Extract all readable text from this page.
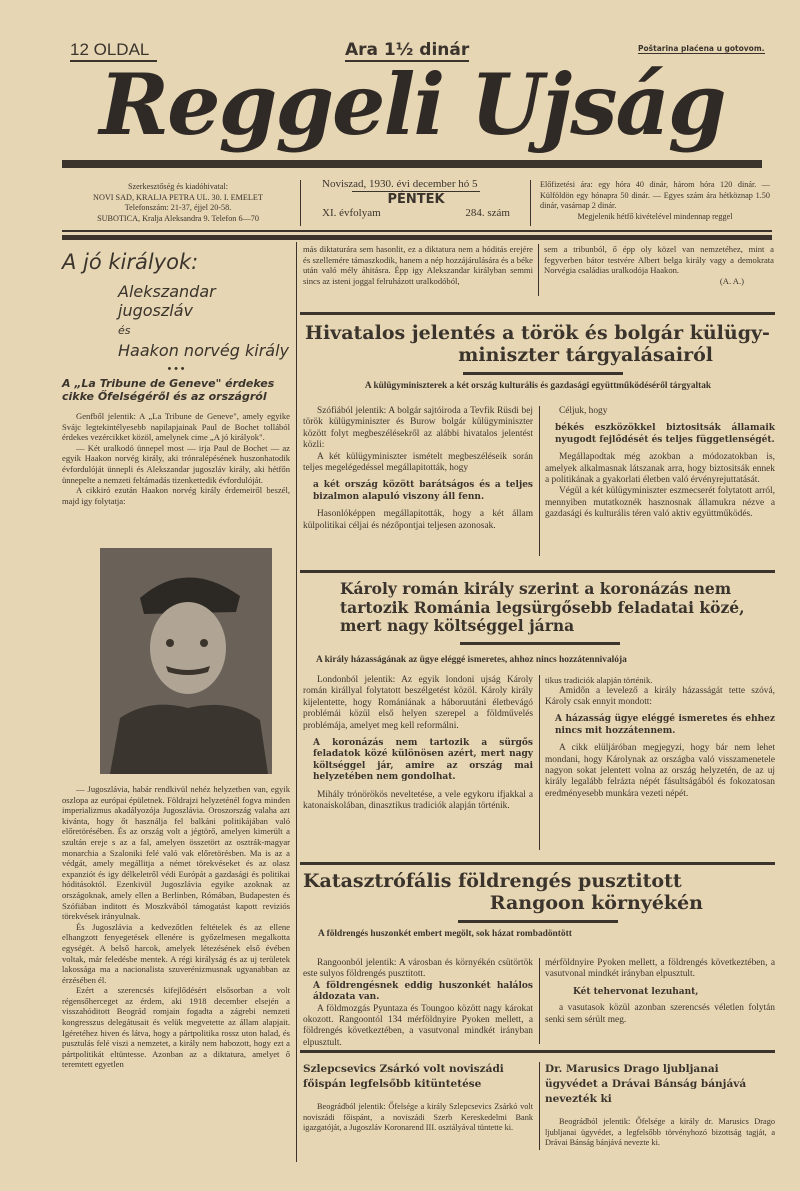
12 OLDAL	Ara 1½ dinár	Poštarina plaćena u gotovom.
Reggeli Ujság
Szerkesztőség és kiadóhivatal:
NOVI SAD, KRALJA PETRA UL. 30. I. EMELET
Telefonszám: 21-37, éjjel 20-58.
SUBOTICA, Kralja Aleksandra 9. Telefon 6—70
Noviszad, 1930. évi december hó 5
PÉNTEK
XI. évfolyam	284. szám
Előfizetési ára: egy hóra 40 dinár, három hóra 120 dinár. — Külföldön egy hónapra 50 dinár. — Egyes szám ára hétköznap 1.50 dinár, vasárnap 2 dinár.
Megjelenik hétfő kivételével mindennap reggel
A jó királyok:
Alekszandar jugoszláv
és
Haakon norvég király
• • •
A „La Tribune de Geneve" érdekes cikke Őfelségéről és az országról

Genfből jelentik: A „La Tribune de Geneve", amely egyike Svájc legtekintélyesebb napilapjainak Paul de Bochet tollából érdekes vezércikket közöl, amelynek cime „A jó királyok".

— Két uralkodó ünnepel most — irja Paul de Bochet — az egyik Haakon norvég király, aki trónralépésének huszonhatodik évfordulóját ünnepli és Alekszandar jugoszláv király, aki hétfőn ünnepelte a nemzeti feltámadás tizenkettedik évfordulóját.

A cikkiró ezután Haakon norvég király érdemeiről beszél, majd igy folytatja:

— Jugoszlávia, habár rendkivül nehéz helyzetben van, egyik oszlopa az európai épületnek. Földrajzi helyzeténél fogva minden imperializmus akadályozója Jugoszlávia. Oroszország valaha azt kivánta, hogy őt használja fel balkáni politikájában való előretörésében. És az ország volt a jégtörő, amelyen kimerült a szultán ereje s az a fal, amelyen összetört az osztrák-magyar monarchia a Szaloniki felé való vak előretörésben. Ma is az a védgát, amely megállitja a német törekvéseket és az olasz expanziót és igy délkeletről védi Európát a gazdasági és politikai hóditásoktól. Ezenkivül Jugoszlávia egyike azoknak az országoknak, amely ellen a Berlinben, Rómában, Budapesten és Szófiában inditott és Moszkvából támogatást kapott reviziós törekvések irányulnak.

És Jugoszlávia a kedvezőtlen feltételek és az ellene elhangzott fenyegetések ellenére is győzelmesen megalkotta egységét. A belső harcok, amelyek létezésének első évében voltak, már feledésbe mentek. A régi királyság és az uj területek lakossága ma a nacionalista szuverénizmusnak ugyanabban az érzésében él.

Ezért a szerencsés kifejlődésért elsősorban a volt régensőherceget az érdem, aki 1918 december elsején a visszahóditott Beográd romjain fogadta a zágrebi nemzeti kongresszus delegátusait és velük megvetette az állam alapjait. Igéretéhez hiven és látva, hogy a pártpolitika rossz uton halad, és pusztulás felé viszi a nemzetet, a király nem habozott, hogy ezt a pártpolitikát eltüntesse. Azonban az a diktatura, amelyet ő teremtett egyetlen

más diktaturára sem hasonlit, ez a diktatura nem a hóditás erejére és szellemére támaszkodik, hanem a nép hozzájárulására és a béke után való mély áhitásra. Épp igy Alekszandar királyban semmi sincs az isteni joggal felruházott uralkodóból,

sem a tribunból, ő épp oly közel van nemzetéhez, mint a fegyverben bátor testvére Albert belga király vagy a demokrata Norvégia családias uralkodója Haakon.

(A. A.)
Hivatalos jelentés a török és bolgár külügy-
miniszter tárgyalásairól
A külügyminiszterek a két ország kulturális és gazdasági együttműködéséről tárgyaltak

Szófiából jelentik: A bolgár sajtóiroda a Tevfik Rüsdi bej török külügyminiszter és Burow bolgár külügyminiszter között folyt megbeszélésekről az alábbi hivatalos jelentést közli:

A két külügyminiszter ismételt megbeszéléseik során teljes megelégedéssel megállapitották, hogy

a két ország között barátságos és a teljes bizalmon alapuló viszony áll fenn.

Hasonlóképpen megállapitották, hogy a két állam külpolitikai céljai és nézőpontjai teljesen azonosak.

Céljuk, hogy

békés eszközökkel biztositsák államaik nyugodt fejlődését és teljes függetlenségét.

Megállapodtak még azokban a módozatokban is, amelyek alkalmasnak látszanak arra, hogy biztositsák ennek a politikának a gyakorlati életben való érvényrejuttatását.

Végül a két külügyminiszter eszmecserét folytatott arról, mennyiben mutatkoznék hasznosnak államukra nézve a gazdasági és kulturális téren való aktiv együttműködés.

Károly román király szerint a koronázás nem tartozik Románia legsürgősebb feladatai közé, mert nagy költséggel járna
A király házasságának az ügye eléggé ismeretes, ahhoz nincs hozzátennivalója

Londonból jelentik: Az egyik londoni ujság Károly román királlyal folytatott beszélgetést közöl. Károly király kijelentette, hogy Romániának a háboruutáni életbevágó problémái közül első helyen szerepel a földművelés problémája, amelyet meg kell reformálni.

A koronázás nem tartozik a sürgős feladatok közé különösen azért, mert nagy költséggel jár, amire az ország mai helyzetében nem gondolhat.

Mihály trónörökös neveltetése, a vele egykoru ifjakkal a katonaiskolában, dinasztikus tradiciók alapján történik.

tikus tradiciók alapján történik.

Amidőn a levelező a király házasságát tette szóvá, Károly csak ennyit mondott:

A házasság ügye eléggé ismeretes és ehhez nincs mit hozzátennem.

A cikk elüljáróban megjegyzi, hogy bár nem lehet mondani, hogy Károlynak az országba való visszamenetele nagyon sokat jelentett volna az ország helyzetén, de az uj király legalább felrázta népét fásultságából és fokozatosan eredményesebb munkára vezeti népét.

Katasztrófális földrengés pusztitott
Rangoon környékén
A földrengés huszonkét embert megölt, sok házat rombadöntött

Rangoonból jelentik: A városban és környékén csütörtök este sulyos földrengés pusztitott.

A földrengésnek eddig huszonkét halálos áldozata van.

A földmozgás Pyuntaza és Toungoo között nagy károkat okozott. Rangoontól 134 mérföldnyire Pyoken mellett, a földrengés következtében, a vasutvonal mindkét irányban elpusztult.

mérföldnyire Pyoken mellett, a földrengés következtében, a vasutvonal mindkét irányban elpusztult.

Két tehervonat lezuhant,

a vasutasok közül azonban szerencsés véletlen folytán senki sem sérült meg.

Szlepcsevics Zsárkó volt noviszádi főispán legfelsőbb kitüntetése

Beográdból jelentik: Őfelsége a király Szlepcsevics Zsárkó volt noviszádi főispánt, a noviszádi Szerb Kereskedelmi Bank igazgatóját, a Jugoszláv Koronarend III. osztályával tüntette ki.

Dr. Marusics Drago ljubljanai ügyvédet a Drávai Bánság bánjává nevezték ki

Beográdból jelentik: Őfelsége a király dr. Marusics Drago ljubljanai ügyvédet, a legfelsőbb törvényhozó bizottság tagját, a Drávai Bánság bánjává nevezte ki.
